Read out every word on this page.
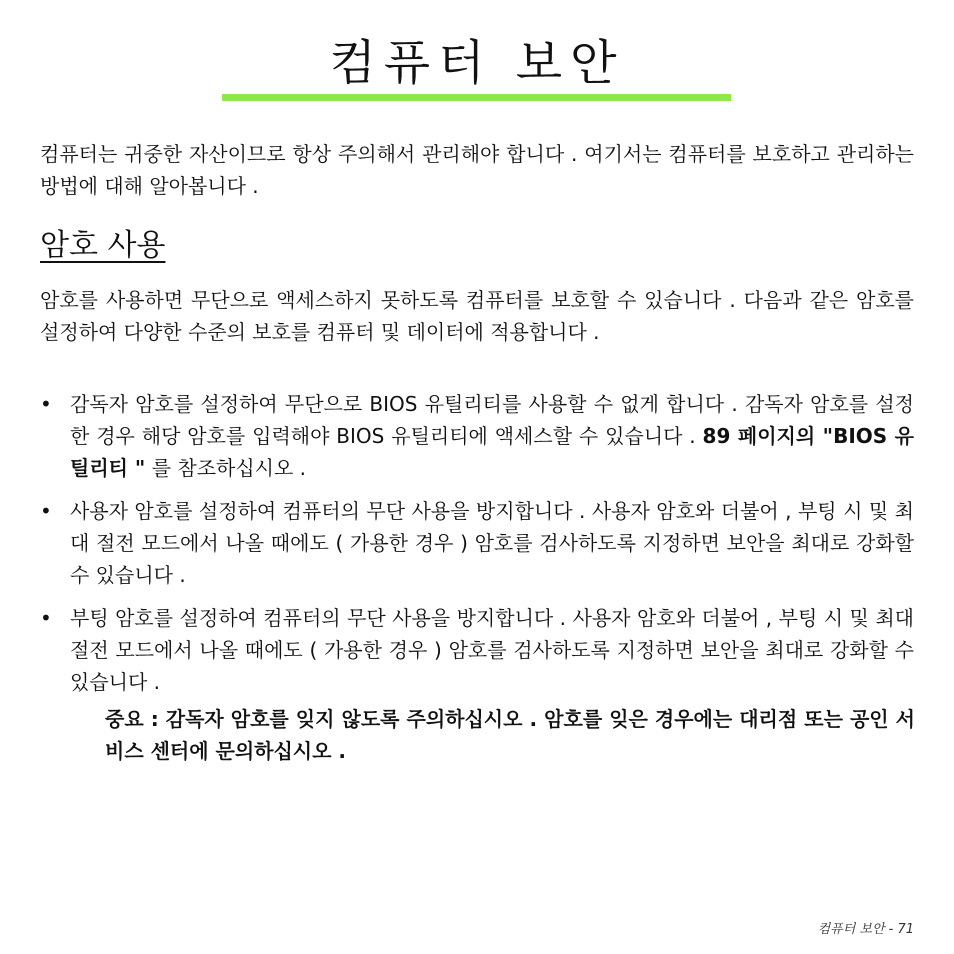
컴퓨터 보안

컴퓨터는 귀중한 자산이므로 항상 주의해서 관리해야 합니다 . 여기서는 컴퓨터를 보호하고 관리하는 방법에 대해 알아봅니다 .

암호 사용

암호를 사용하면 무단으로 액세스하지 못하도록 컴퓨터를 보호할 수 있습니다 . 다음과 같은 암호를 설정하여 다양한 수준의 보호를 컴퓨터 및 데이터에 적용합니다 .

• 감독자 암호를 설정하여 무단으로 BIOS 유틸리티를 사용할 수 없게 합니다 . 감독자 암호를 설정한 경우 해당 암호를 입력해야 BIOS 유틸리티에 액세스할 수 있습니다 . 89 페이지의 "BIOS 유틸리티 " 를 참조하십시오 .
• 사용자 암호를 설정하여 컴퓨터의 무단 사용을 방지합니다 . 사용자 암호와 더불어 , 부팅 시 및 최대 절전 모드에서 나올 때에도 ( 가용한 경우 ) 암호를 검사하도록 지정하면 보안을 최대로 강화할 수 있습니다 .
• 부팅 암호를 설정하여 컴퓨터의 무단 사용을 방지합니다 . 사용자 암호와 더불어 , 부팅 시 및 최대 절전 모드에서 나올 때에도 ( 가용한 경우 ) 암호를 검사하도록 지정하면 보안을 최대로 강화할 수 있습니다 .

중요 : 감독자 암호를 잊지 않도록 주의하십시오 . 암호를 잊은 경우에는 대리점 또는 공인 서비스 센터에 문의하십시오 .

컴퓨터 보안 - 71
